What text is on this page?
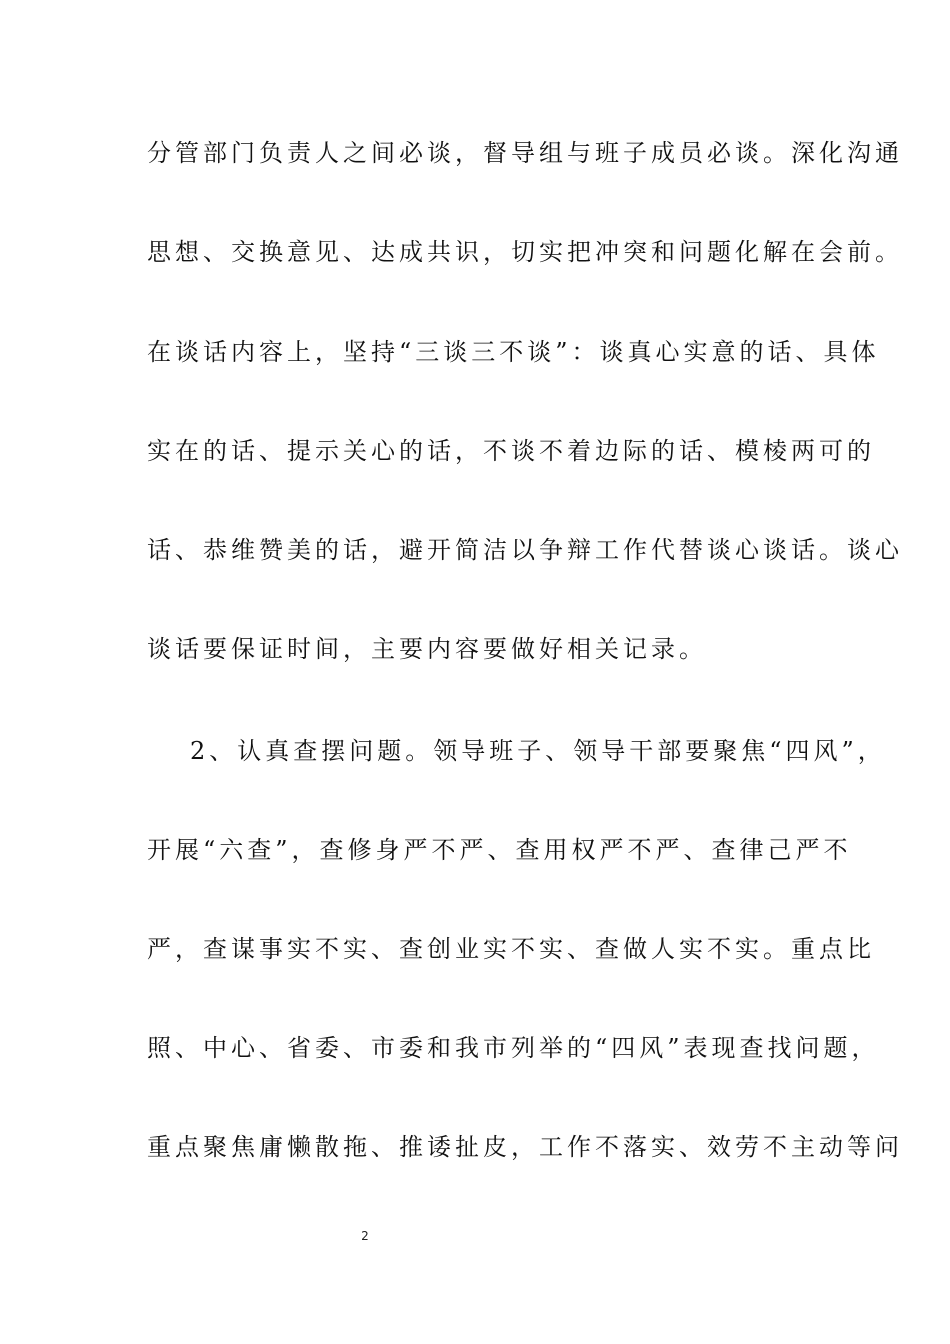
分管部门负责人之间必谈，督导组与班子成员必谈。深化沟通
思想、交换意见、达成共识，切实把冲突和问题化解在会前。
在谈话内容上，坚持“三谈三不谈”：谈真心实意的话、具体
实在的话、提示关心的话，不谈不着边际的话、模棱两可的
话、恭维赞美的话，避开简洁以争辩工作代替谈心谈话。谈心
谈话要保证时间，主要内容要做好相关记录。
2、认真查摆问题。领导班子、领导干部要聚焦“四风”，
开展“六查”，查修身严不严、查用权严不严、查律己严不
严，查谋事实不实、查创业实不实、查做人实不实。重点比
照、中心、省委、市委和我市列举的“四风”表现查找问题，
重点聚焦庸懒散拖、推诿扯皮，工作不落实、效劳不主动等问
2
